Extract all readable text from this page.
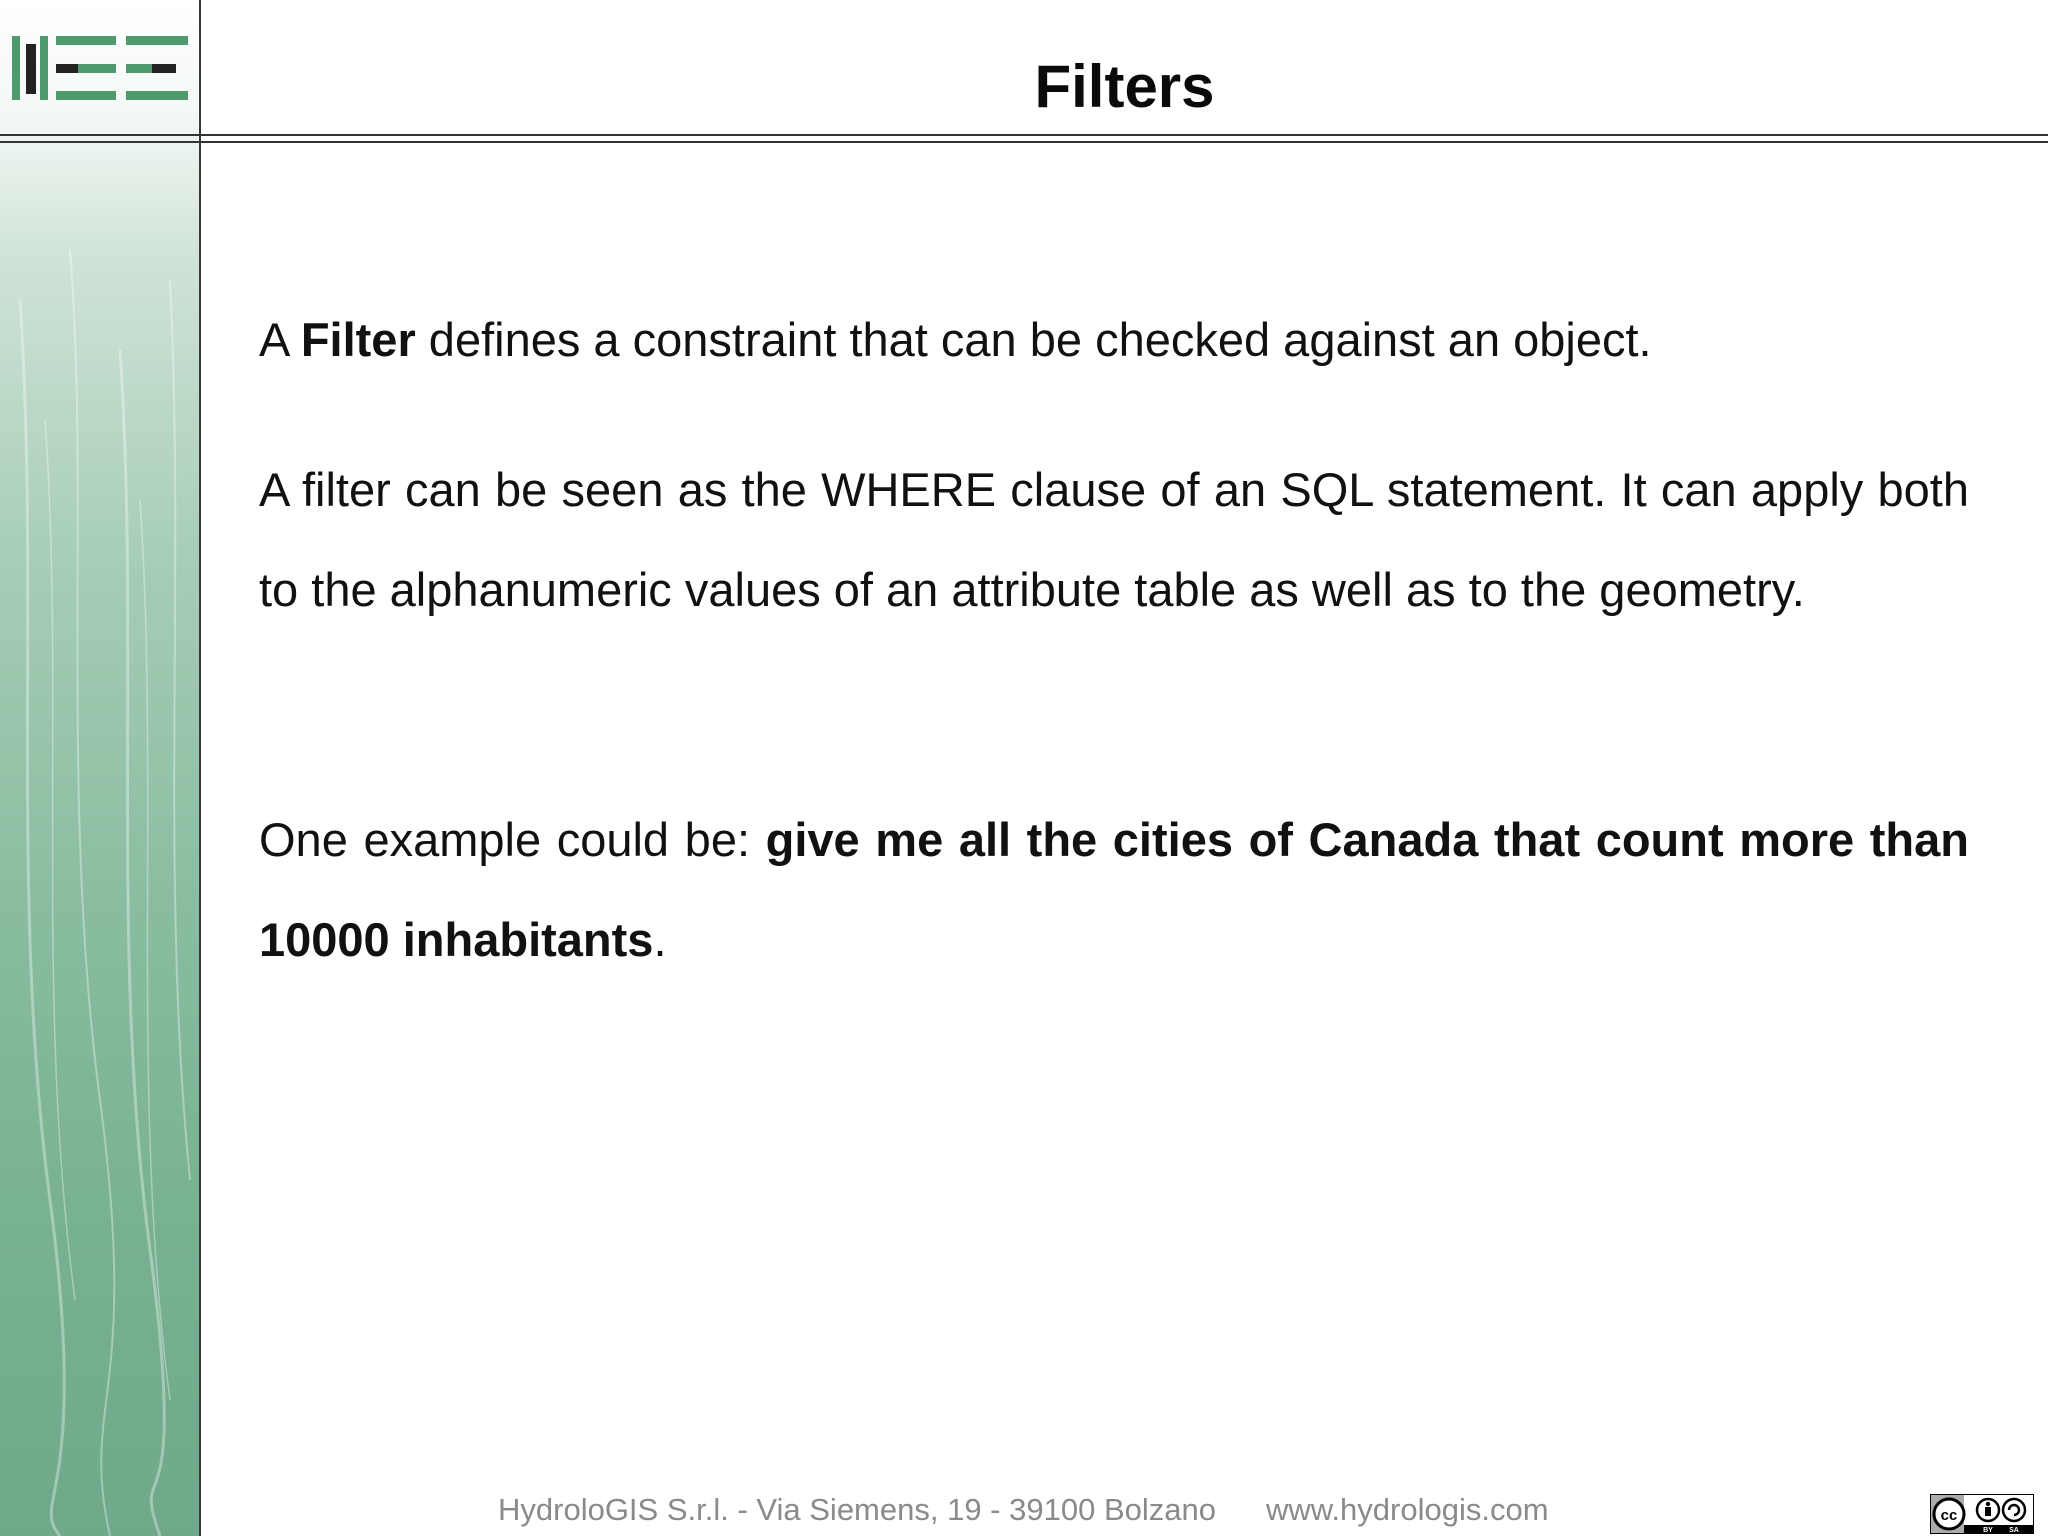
Filters

A Filter defines a constraint that can be checked against an object.

A filter can be seen as the WHERE clause of an SQL statement. It can apply both to the alphanumeric values of an attribute table as well as to the geometry.

One example could be: give me all the cities of Canada that count more than 10000 inhabitants.

HydroloGIS S.r.l. - Via Siemens, 19 - 39100 Bolzano www.hydrologis.com	cc
BY SA
